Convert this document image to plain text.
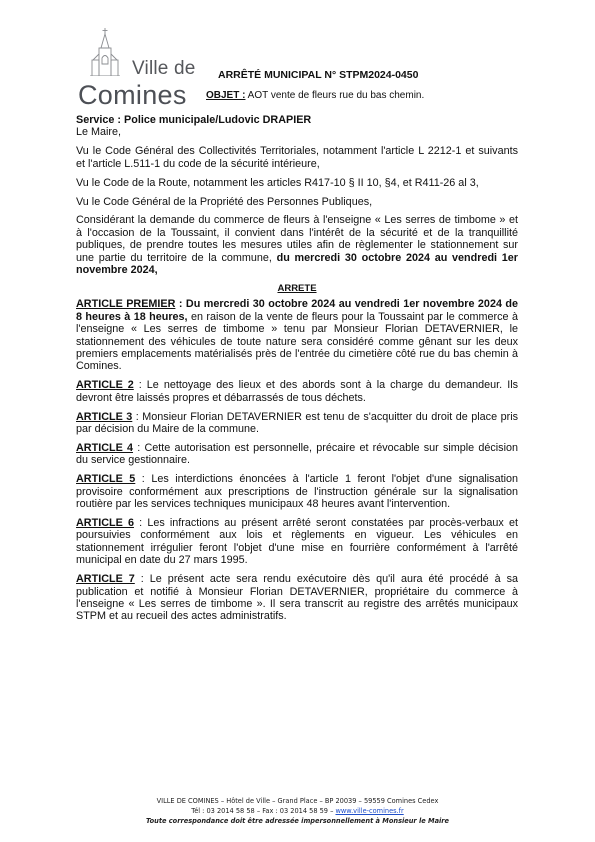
Ville de
Comines
ARRÊTÉ MUNICIPAL N° STPM2024-0450
OBJET : AOT vente de fleurs rue du bas chemin.

Service : Police municipale/Ludovic DRAPIER

Le Maire,

Vu le Code Général des Collectivités Territoriales, notamment l'article L 2212-1 et suivants et l'article L.511-1 du code de la sécurité intérieure,

Vu le Code de la Route, notamment les articles R417-10 § II 10, §4, et R411-26 al 3,

Vu le Code Général de la Propriété des Personnes Publiques,

Considérant la demande du commerce de fleurs à l'enseigne « Les serres de timbome » et à l'occasion de la Toussaint, il convient dans l'intérêt de la sécurité et de la tranquillité publiques, de prendre toutes les mesures utiles afin de règlementer le stationnement sur une partie du territoire de la commune, du mercredi 30 octobre 2024 au vendredi 1er novembre 2024,

ARRETE

ARTICLE PREMIER : Du mercredi 30 octobre 2024 au vendredi 1er novembre 2024 de 8 heures à 18 heures, en raison de la vente de fleurs pour la Toussaint par le commerce à l'enseigne « Les serres de timbome » tenu par Monsieur Florian DETAVERNIER, le stationnement des véhicules de toute nature sera considéré comme gênant sur les deux premiers emplacements matérialisés près de l'entrée du cimetière côté rue du bas chemin à Comines.

ARTICLE 2 : Le nettoyage des lieux et des abords sont à la charge du demandeur. Ils devront être laissés propres et débarrassés de tous déchets.

ARTICLE 3 : Monsieur Florian DETAVERNIER est tenu de s'acquitter du droit de place pris par décision du Maire de la commune.

ARTICLE 4 : Cette autorisation est personnelle, précaire et révocable sur simple décision du service gestionnaire.

ARTICLE 5 : Les interdictions énoncées à l'article 1 feront l'objet d'une signalisation provisoire conformément aux prescriptions de l'instruction générale sur la signalisation routière par les services techniques municipaux 48 heures avant l'intervention.

ARTICLE 6 : Les infractions au présent arrêté seront constatées par procès-verbaux et poursuivies conformément aux lois et règlements en vigueur. Les véhicules en stationnement irrégulier feront l'objet d'une mise en fourrière conformément à l'arrêté municipal en date du 27 mars 1995.

ARTICLE 7 : Le présent acte sera rendu exécutoire dès qu'il aura été procédé à sa publication et notifié à Monsieur Florian DETAVERNIER, propriétaire du commerce à l'enseigne « Les serres de timbome ». Il sera transcrit au registre des arrêtés municipaux STPM et au recueil des actes administratifs.

VILLE DE COMINES – Hôtel de Ville – Grand Place – BP 20039 – 59559 Comines Cedex
Tél : 03 2014 58 58 – Fax : 03 2014 58 59 – www.ville-comines.fr
Toute correspondance doit être adressée impersonnellement à Monsieur le Maire
